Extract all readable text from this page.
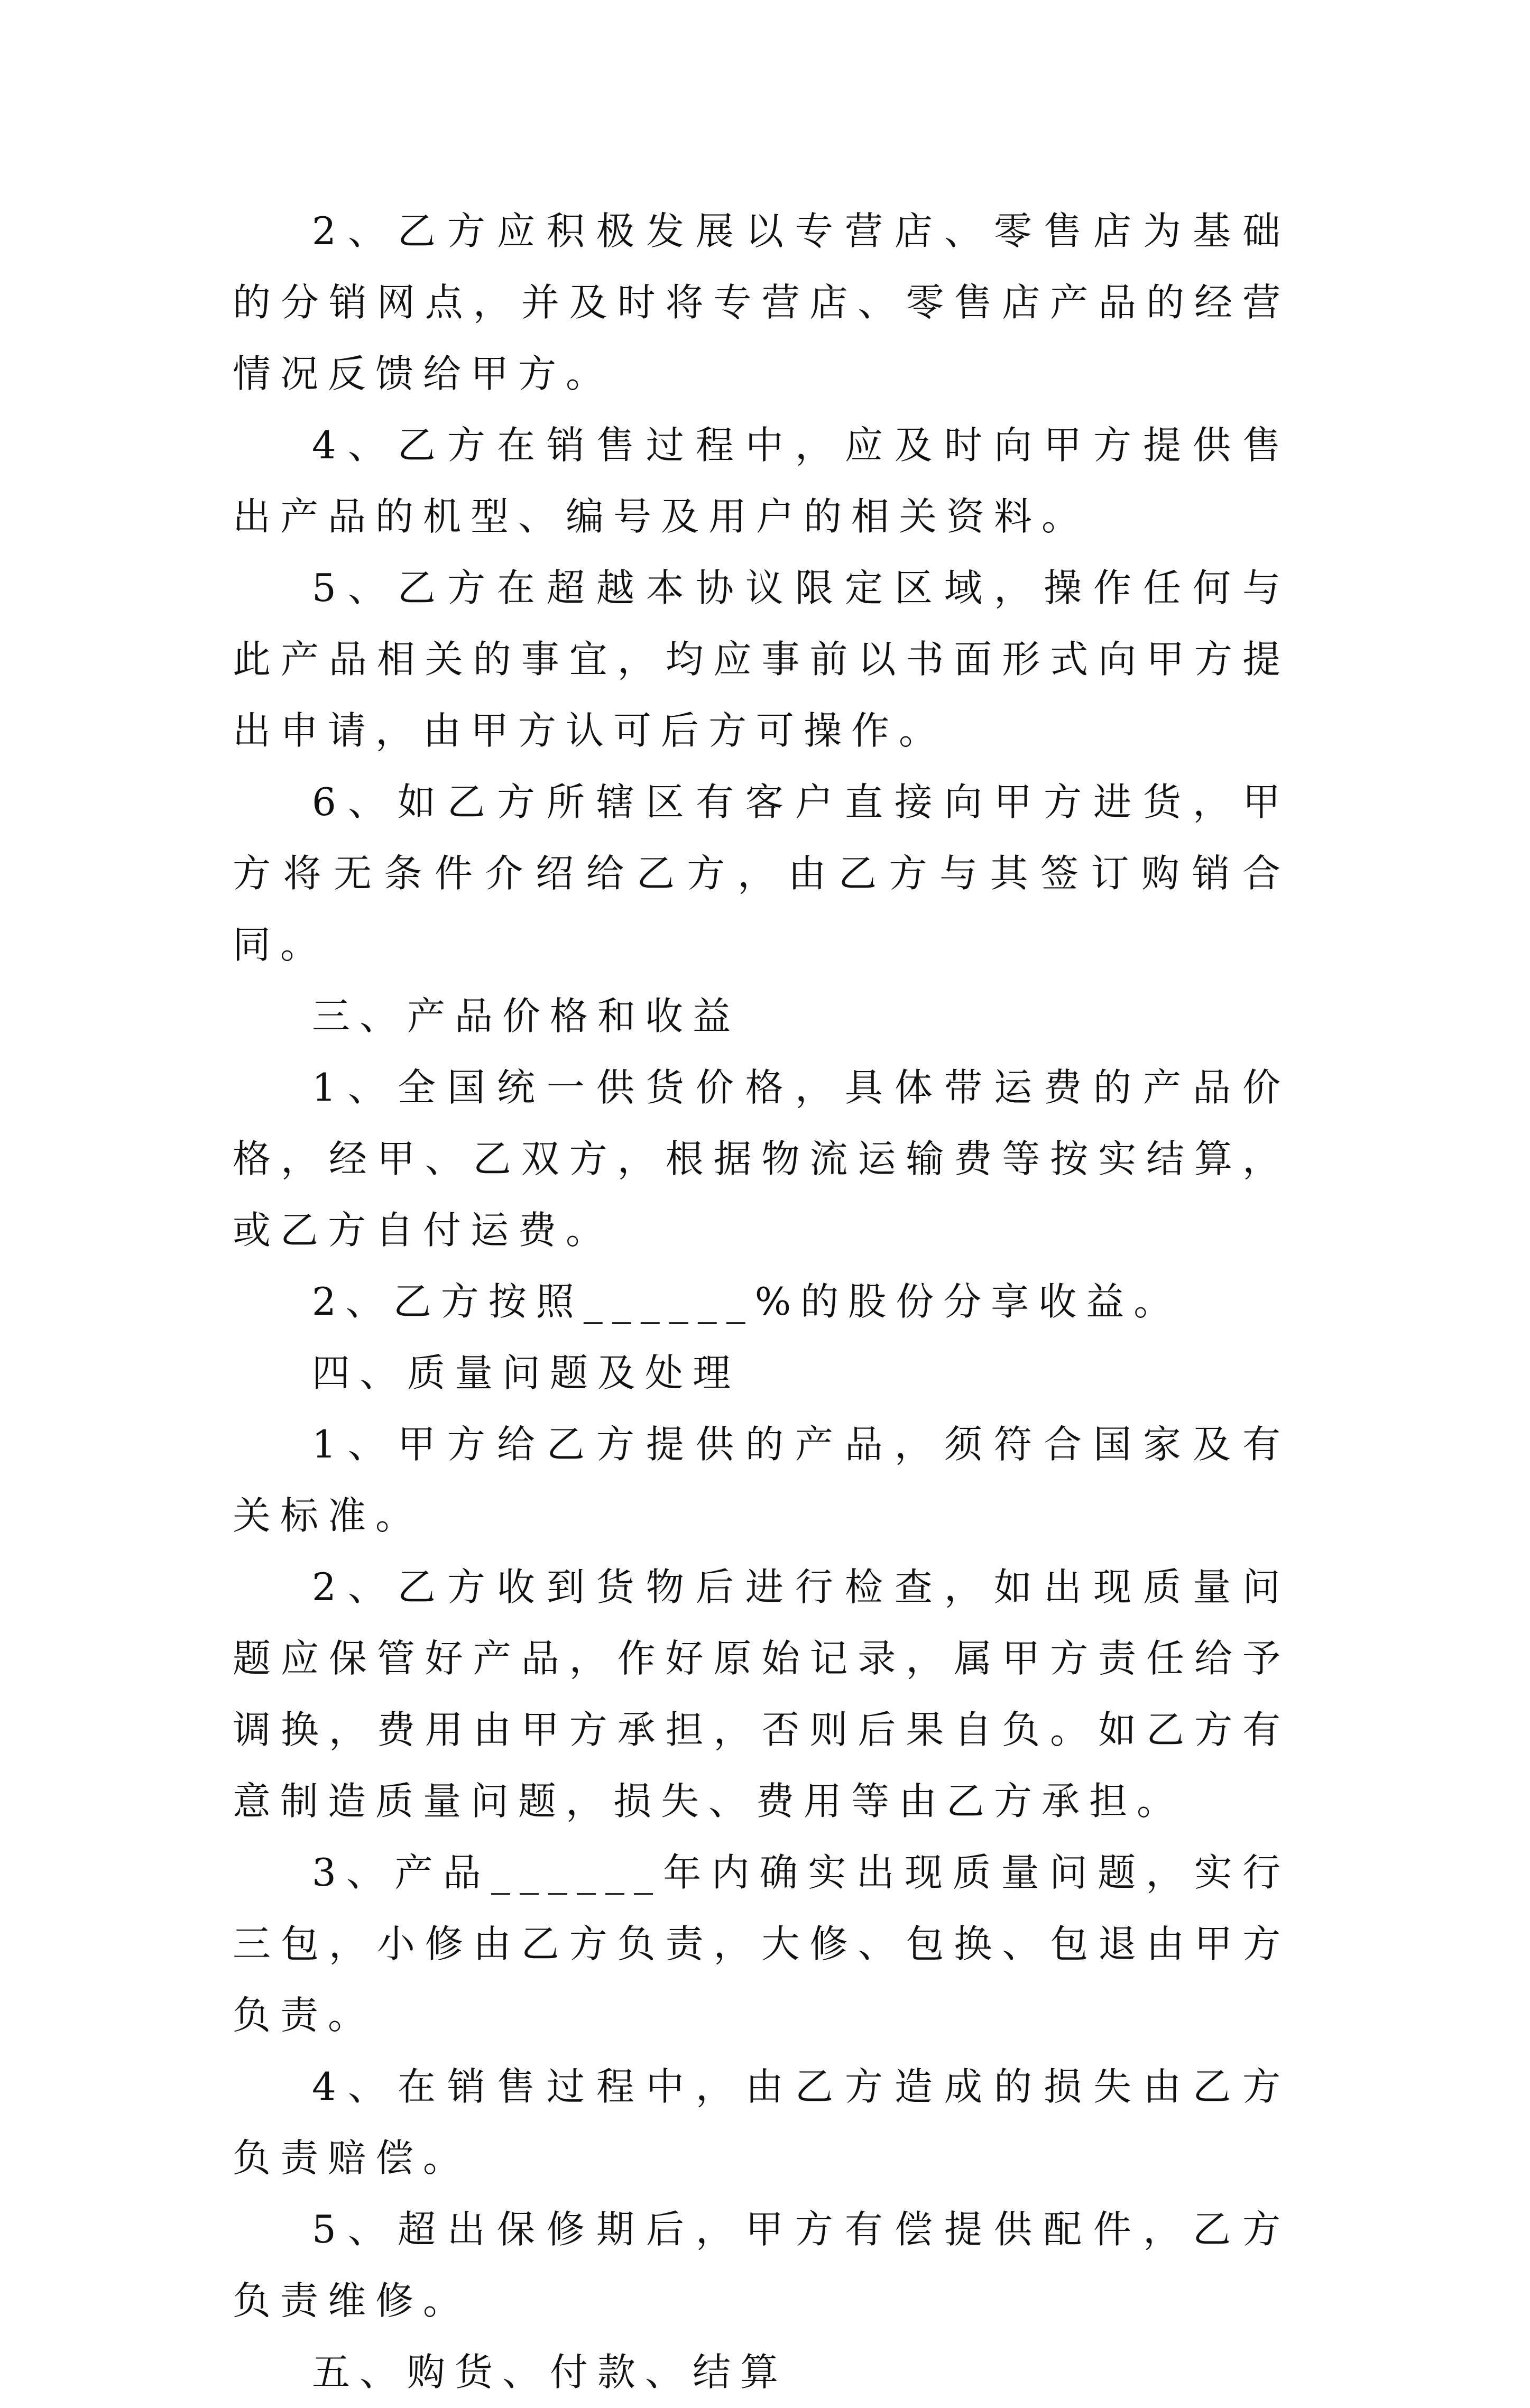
2、乙方应积极发展以专营店、零售店为基础的分销网点，并及时将专营店、零售店产品的经营情况反馈给甲方。

4、乙方在销售过程中，应及时向甲方提供售出产品的机型、编号及用户的相关资料。

5、乙方在超越本协议限定区域，操作任何与此产品相关的事宜，均应事前以书面形式向甲方提出申请，由甲方认可后方可操作。

6、如乙方所辖区有客户直接向甲方进货，甲方将无条件介绍给乙方，由乙方与其签订购销合同。

三、产品价格和收益

1、全国统一供货价格，具体带运费的产品价格，经甲、乙双方，根据物流运输费等按实结算，或乙方自付运费。

2、乙方按照______%的股份分享收益。

四、质量问题及处理

1、甲方给乙方提供的产品，须符合国家及有关标准。

2、乙方收到货物后进行检查，如出现质量问题应保管好产品，作好原始记录，属甲方责任给予调换，费用由甲方承担，否则后果自负。如乙方有意制造质量问题，损失、费用等由乙方承担。

3、产品______年内确实出现质量问题，实行三包，小修由乙方负责，大修、包换、包退由甲方负责。

4、在销售过程中，由乙方造成的损失由乙方负责赔偿。

5、超出保修期后，甲方有偿提供配件，乙方负责维修。

五、购货、付款、结算
